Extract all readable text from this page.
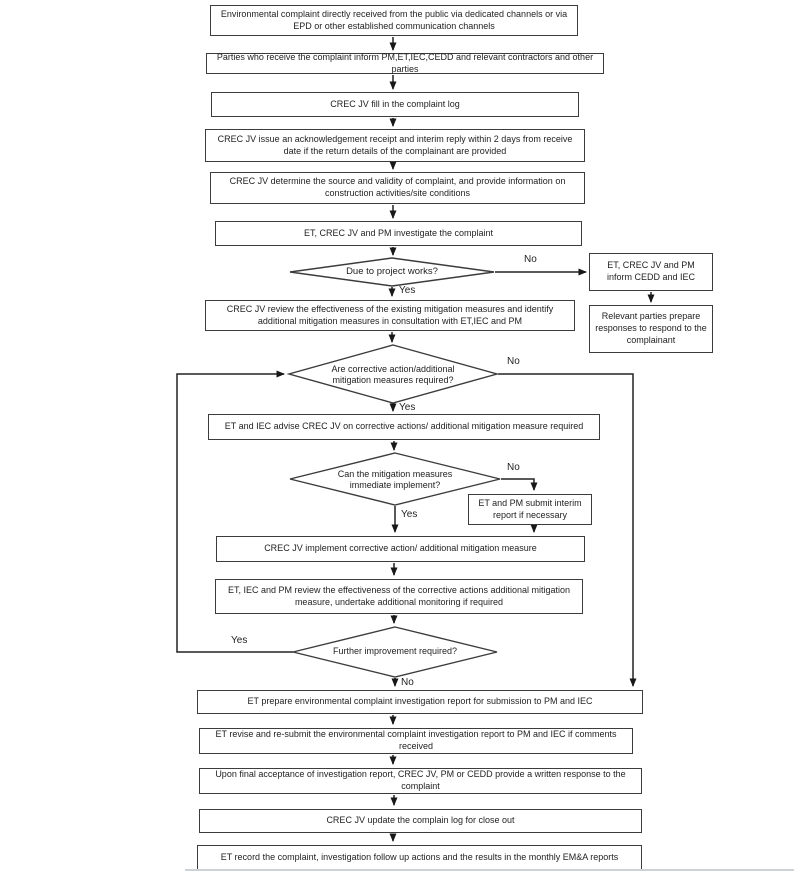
Environmental complaint directly received from the public via dedicated channels or via EPD or other established communication channels
Parties who receive the complaint inform PM,ET,IEC,CEDD and relevant contractors and other parties
CREC JV fill in the complaint log
CREC JV issue an acknowledgement receipt and interim reply within 2 days from receive date if the return details of the complainant are provided
CREC JV determine the source and validity of complaint, and provide information on construction activities/site conditions
ET, CREC JV and PM investigate the complaint
CREC JV review the effectiveness of the existing mitigation measures and identify additional mitigation measures in consultation with ET,IEC and PM
ET and IEC advise CREC JV on corrective actions/ additional mitigation measure required
CREC JV implement corrective action/ additional mitigation measure
ET, IEC and PM review the effectiveness of the corrective actions additional mitigation measure, undertake additional monitoring if required
ET prepare environmental complaint investigation report for submission to PM and IEC
ET revise and re-submit the environmental complaint investigation report to PM and IEC if comments received
Upon final acceptance of investigation report, CREC JV, PM or CEDD provide a written response to the complaint
CREC JV update the complain log for close out
ET record the complaint, investigation follow up actions and the results in the monthly EM&A reports
ET, CREC JV and PM inform CEDD and IEC
Relevant parties prepare responses to respond to the complainant
ET and PM submit interim report if necessary
Due to project works?
Are corrective action/additional mitigation measures required?
Can the mitigation measures immediate implement?
Further improvement required?
No
Yes
No
Yes
No
Yes
Yes
No
